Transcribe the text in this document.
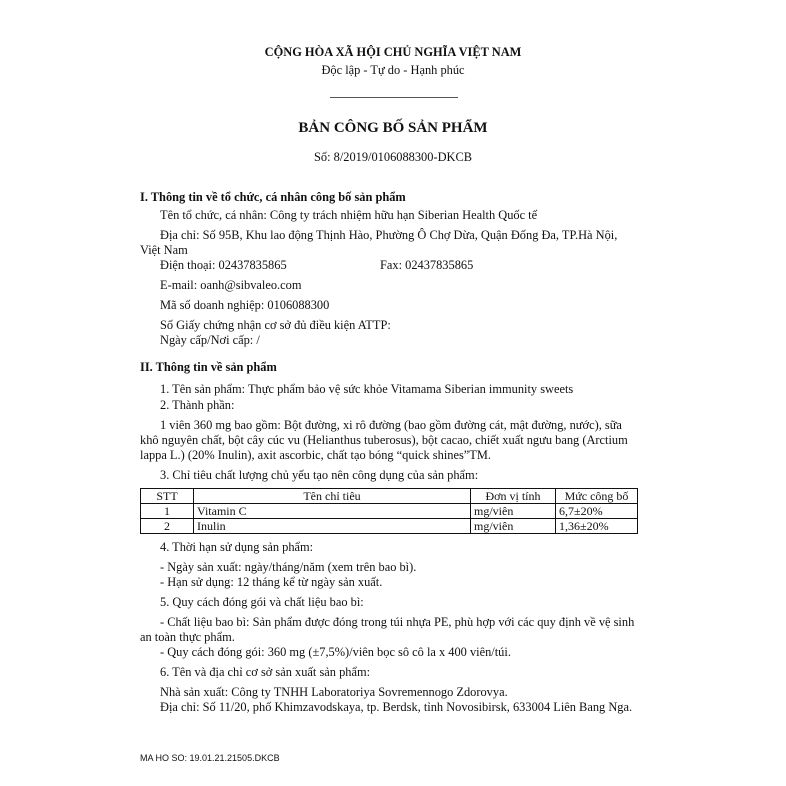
CỘNG HÒA XÃ HỘI CHỦ NGHĨA VIỆT NAM
Độc lập - Tự do - Hạnh phúc
BẢN CÔNG BỐ SẢN PHẨM
Số: 8/2019/0106088300-DKCB
I. Thông tin về tổ chức, cá nhân công bố sản phẩm
Tên tổ chức, cá nhân: Công ty trách nhiệm hữu hạn Siberian Health Quốc tế
Địa chỉ: Số 95B, Khu lao động Thịnh Hào, Phường Ô Chợ Dừa, Quận Đống Đa, TP.Hà Nội, Việt Nam
Điện thoại: 02437835865	Fax: 02437835865
E-mail: oanh@sibvaleo.com
Mã số doanh nghiệp: 0106088300
Số Giấy chứng nhận cơ sở đủ điều kiện ATTP:
Ngày cấp/Nơi cấp: /
II. Thông tin về sản phẩm
1. Tên sản phẩm: Thực phẩm bảo vệ sức khỏe Vitamama Siberian immunity sweets
2. Thành phần:
1 viên 360 mg bao gồm: Bột đường, xi rô đường (bao gồm đường cát, mật đường, nước), sữa khô nguyên chất, bột cây cúc vu (Helianthus tuberosus), bột cacao, chiết xuất ngưu bang (Arctium lappa L.) (20% Inulin), axit ascorbic, chất tạo bóng “quick shines”TM.
3. Chỉ tiêu chất lượng chủ yếu tạo nên công dụng của sản phẩm:
STT	Tên chỉ tiêu	Đơn vị tính	Mức công bố
1	Vitamin C	mg/viên	6,7±20%
2	Inulin	mg/viên	1,36±20%
4. Thời hạn sử dụng sản phẩm:
- Ngày sản xuất: ngày/tháng/năm (xem trên bao bì).
- Hạn sử dụng: 12 tháng kể từ ngày sản xuất.
5. Quy cách đóng gói và chất liệu bao bì:
- Chất liệu bao bì: Sản phẩm được đóng trong túi nhựa PE, phù hợp với các quy định về vệ sinh an toàn thực phẩm.
- Quy cách đóng gói: 360 mg (±7,5%)/viên bọc sô cô la x 400 viên/túi.
6. Tên và địa chỉ cơ sở sản xuất sản phẩm:
Nhà sản xuất: Công ty TNHH Laboratoriya Sovremennogo Zdorovya.
Địa chỉ: Số 11/20, phố Khimzavodskaya, tp. Berdsk, tỉnh Novosibirsk, 633004 Liên Bang Nga.
MA HO SO: 19.01.21.21505.DKCB
